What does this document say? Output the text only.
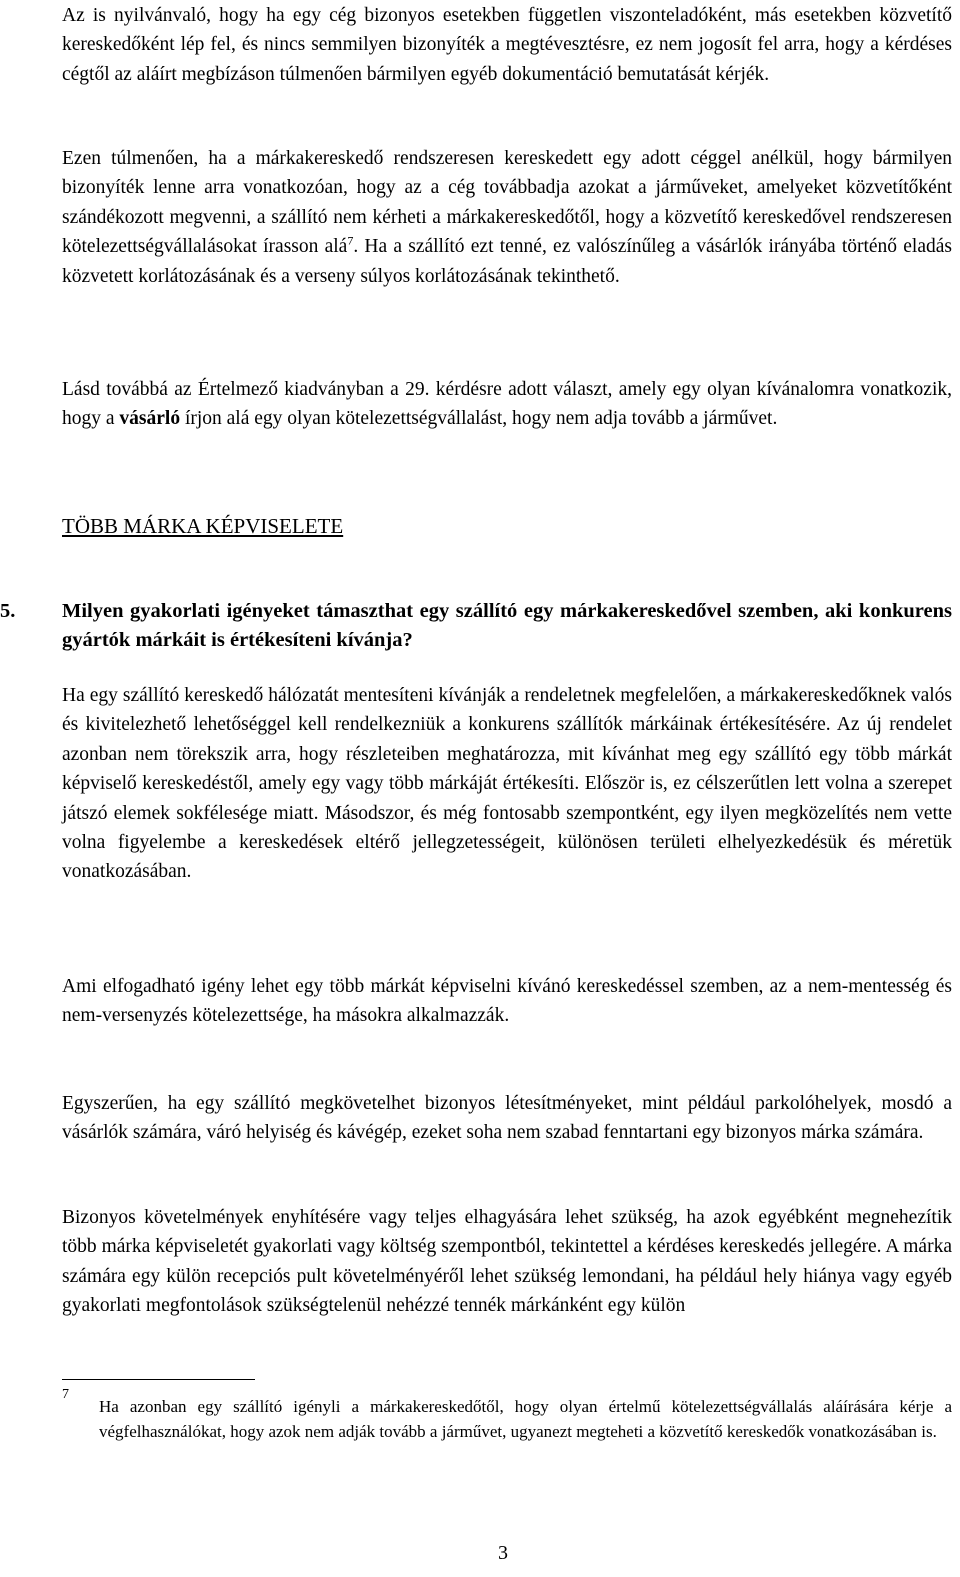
Az is nyilvánvaló, hogy ha egy cég bizonyos esetekben független viszonteladóként, más esetekben közvetítő kereskedőként lép fel, és nincs semmilyen bizonyíték a megtévesztésre, ez nem jogosít fel arra, hogy a kérdéses cégtől az aláírt megbízáson túlmenően bármilyen egyéb dokumentáció bemutatását kérjék.

Ezen túlmenően, ha a márkakereskedő rendszeresen kereskedett egy adott céggel anélkül, hogy bármilyen bizonyíték lenne arra vonatkozóan, hogy az a cég továbbadja azokat a járműveket, amelyeket közvetítőként szándékozott megvenni, a szállító nem kérheti a márkakereskedőtől, hogy a közvetítő kereskedővel rendszeresen kötelezettségvállalásokat írasson alá$^7$. Ha a szállító ezt tenné, ez valószínűleg a vásárlók irányába történő eladás közvetett korlátozásának és a verseny súlyos korlátozásának tekinthető.

Lásd továbbá az Értelmező kiadványban a 29. kérdésre adott választ, amely egy olyan kívánalomra vonatkozik, hogy a vásárló írjon alá egy olyan kötelezettségvállalást, hogy nem adja tovább a járművet.

TÖBB MÁRKA KÉPVISELETE

5. Milyen gyakorlati igényeket támaszthat egy szállító egy márkakereskedővel szemben, aki konkurens gyártók márkáit is értékesíteni kívánja?

Ha egy szállító kereskedő hálózatát mentesíteni kívánják a rendeletnek megfelelően, a márkakereskedőknek valós és kivitelezhető lehetőséggel kell rendelkezniük a konkurens szállítók márkáinak értékesítésére. Az új rendelet azonban nem törekszik arra, hogy részleteiben meghatározza, mit kívánhat meg egy szállító egy több márkát képviselő kereskedéstől, amely egy vagy több márkáját értékesíti. Először is, ez célszerűtlen lett volna a szerepet játszó elemek sokfélesége miatt. Másodszor, és még fontosabb szempontként, egy ilyen megközelítés nem vette volna figyelembe a kereskedések eltérő jellegzetességeit, különösen területi elhelyezkedésük és méretük vonatkozásában.

Ami elfogadható igény lehet egy több márkát képviselni kívánó kereskedéssel szemben, az a nem-mentesség és nem-versenyzés kötelezettsége, ha másokra alkalmazzák.

Egyszerűen, ha egy szállító megkövetelhet bizonyos létesítményeket, mint például parkolóhelyek, mosdó a vásárlók számára, váró helyiség és kávégép, ezeket soha nem szabad fenntartani egy bizonyos márka számára.

Bizonyos követelmények enyhítésére vagy teljes elhagyására lehet szükség, ha azok egyébként megnehezítik több márka képviseletét gyakorlati vagy költség szempontból, tekintettel a kérdéses kereskedés jellegére. A márka számára egy külön recepciós pult követelményéről lehet szükség lemondani, ha például hely hiánya vagy egyéb gyakorlati megfontolások szükségtelenül nehézzé tennék márkánként egy külön

7

Ha azonban egy szállító igényli a márkakereskedőtől, hogy olyan értelmű kötelezettségvállalás aláírására kérje a végfelhasználókat, hogy azok nem adják tovább a járművet, ugyanezt megteheti a közvetítő kereskedők vonatkozásában is.

3
